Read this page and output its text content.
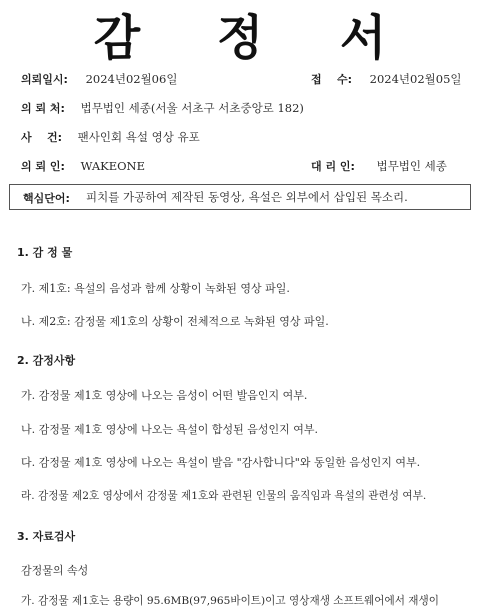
감 정 서
의뢰일시: 2024년02월06일	접    수: 2024년02월05일
의 뢰 처: 법무법인 세종(서울 서초구 서초중앙로 182)
사    건: 팬사인회 욕설 영상 유포
의 뢰 인: WAKEONE	대 리 인: 법무법인 세종
핵심단어: 피치를 가공하여 제작된 동영상, 욕설은 외부에서 삽입된 목소리.
1. 감 정 물
가. 제1호: 욕설의 음성과 함께 상황이 녹화된 영상 파일.
나. 제2호: 감정물 제1호의 상황이 전체적으로 녹화된 영상 파일.
2. 감정사항
가. 감정물 제1호 영상에 나오는 음성이 어떤 발음인지 여부.
나. 감정물 제1호 영상에 나오는 욕설이 합성된 음성인지 여부.
다. 감정물 제1호 영상에 나오는 욕설이 발음 "감사합니다"와 동일한 음성인지 여부.
라. 감정물 제2호 영상에서 감정물 제1호와 관련된 인물의 움직임과 욕설의 관련성 여부.
3. 자료검사
감정물의 속성
가. 감정물 제1호는 용량이 95.6MB(97,965바이트)이고 영상재생 소프트웨어에서 재생이
